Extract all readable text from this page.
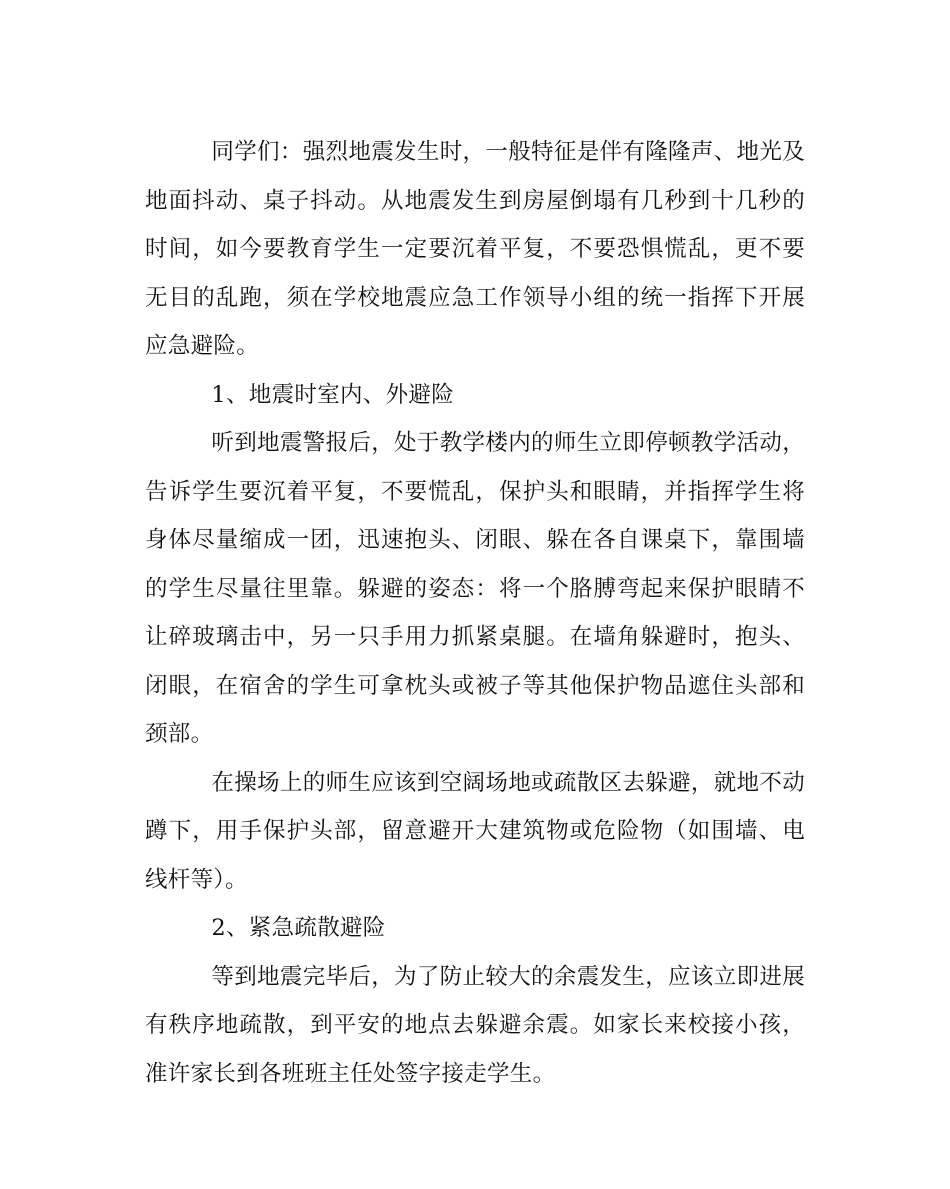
同学们：强烈地震发生时，一般特征是伴有隆隆声、地光及地面抖动、桌子抖动。从地震发生到房屋倒塌有几秒到十几秒的时间，如今要教育学生一定要沉着平复，不要恐惧慌乱，更不要无目的乱跑，须在学校地震应急工作领导小组的统一指挥下开展应急避险。

1、地震时室内、外避险

听到地震警报后，处于教学楼内的师生立即停顿教学活动，告诉学生要沉着平复，不要慌乱，保护头和眼睛，并指挥学生将身体尽量缩成一团，迅速抱头、闭眼、躲在各自课桌下，靠围墙的学生尽量往里靠。躲避的姿态：将一个胳膊弯起来保护眼睛不让碎玻璃击中，另一只手用力抓紧桌腿。在墙角躲避时，抱头、闭眼，在宿舍的学生可拿枕头或被子等其他保护物品遮住头部和颈部。

在操场上的师生应该到空阔场地或疏散区去躲避，就地不动蹲下，用手保护头部，留意避开大建筑物或危险物（如围墙、电线杆等）。

2、紧急疏散避险

等到地震完毕后，为了防止较大的余震发生，应该立即进展有秩序地疏散，到平安的地点去躲避余震。如家长来校接小孩，准许家长到各班班主任处签字接走学生。
